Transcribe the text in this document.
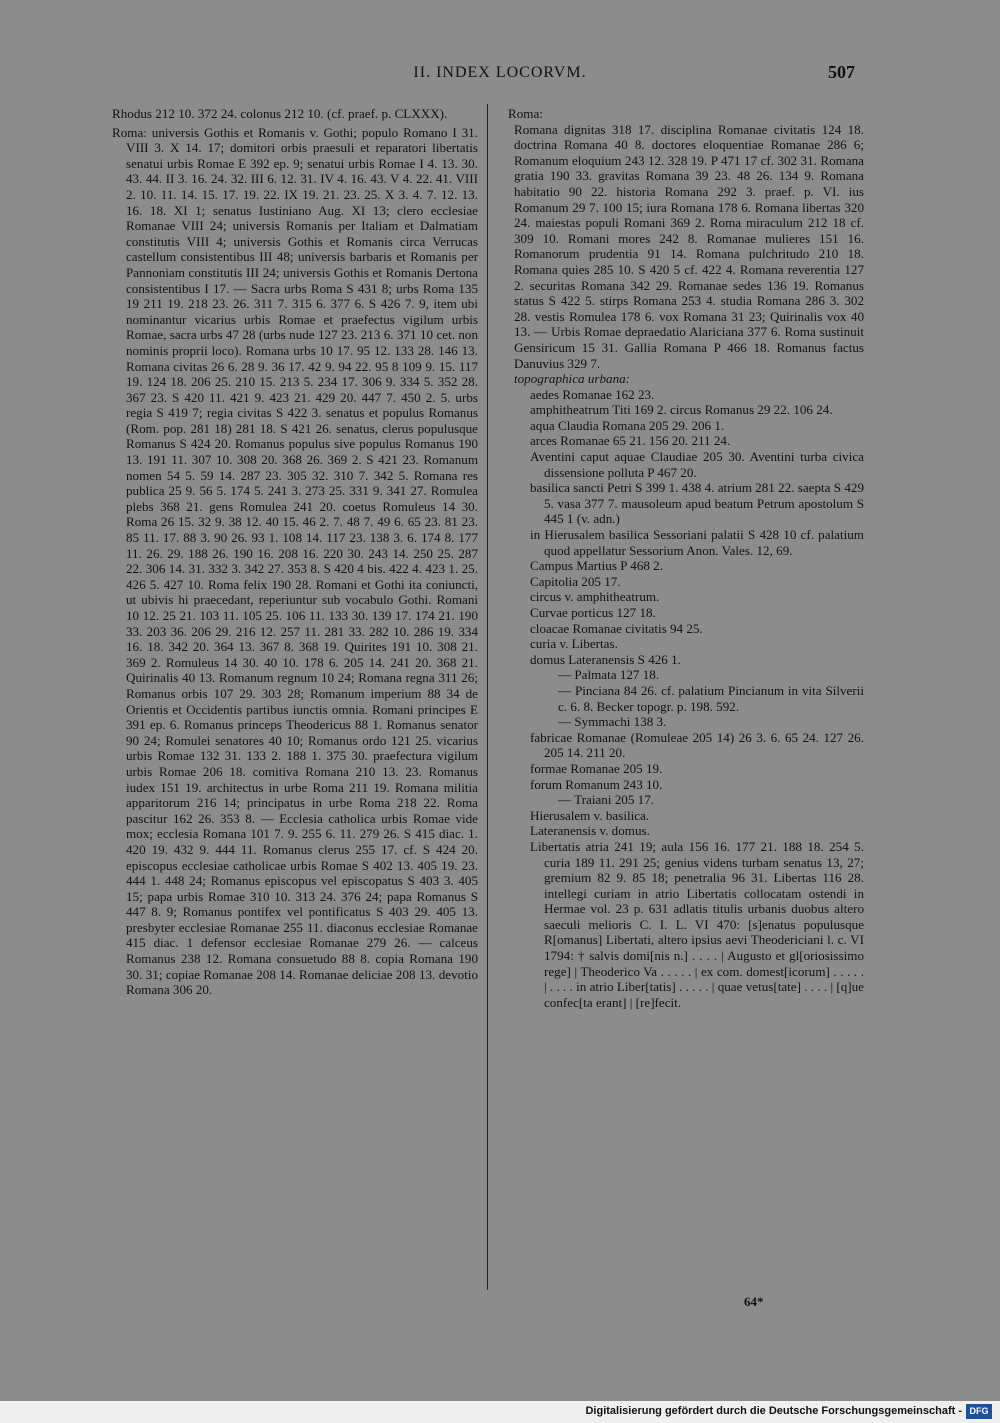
II. INDEX LOCORVM.	507

Rhodus 212 10. 372 24. colonus 212 10. (cf. praef. p. CLXXX).

Roma: universis Gothis et Romanis v. Gothi; populo Romano I 31. VIII 3. X 14. 17; domitori orbis praesuli et reparatori libertatis senatui urbis Romae E 392 ep. 9; senatui urbis Romae I 4. 13. 30. 43. 44. II 3. 16. 24. 32. III 6. 12. 31. IV 4. 16. 43. V 4. 22. 41. VIII 2. 10. 11. 14. 15. 17. 19. 22. IX 19. 21. 23. 25. X 3. 4. 7. 12. 13. 16. 18. XI 1; senatus Iustiniano Aug. XI 13; clero ecclesiae Romanae VIII 24; universis Romanis per Italiam et Dalmatiam constitutis VIII 4; universis Gothis et Romanis circa Verrucas castellum consistentibus III 48; universis barbaris et Romanis per Pannoniam constitutis III 24; universis Gothis et Romanis Dertona consistentibus I 17. — Sacra urbs Roma S 431 8; urbs Roma 135 19 211 19. 218 23. 26. 311 7. 315 6. 377 6. S 426 7. 9, item ubi nominantur vicarius urbis Romae et praefectus vigilum urbis Romae, sacra urbs 47 28 (urbs nude 127 23. 213 6. 371 10 cet. non nominis proprii loco). Romana urbs 10 17. 95 12. 133 28. 146 13. Romana civitas 26 6. 28 9. 36 17. 42 9. 94 22. 95 8 109 9. 15. 117 19. 124 18. 206 25. 210 15. 213 5. 234 17. 306 9. 334 5. 352 28. 367 23. S 420 11. 421 9. 423 21. 429 20. 447 7. 450 2. 5. urbs regia S 419 7; regia civitas S 422 3. senatus et populus Romanus (Rom. pop. 281 18) 281 18. S 421 26. senatus, clerus populusque Romanus S 424 20. Romanus populus sive populus Romanus 190 13. 191 11. 307 10. 308 20. 368 26. 369 2. S 421 23. Romanum nomen 54 5. 59 14. 287 23. 305 32. 310 7. 342 5. Romana res publica 25 9. 56 5. 174 5. 241 3. 273 25. 331 9. 341 27. Romulea plebs 368 21. gens Romulea 241 20. coetus Romuleus 14 30. Roma 26 15. 32 9. 38 12. 40 15. 46 2. 7. 48 7. 49 6. 65 23. 81 23. 85 11. 17. 88 3. 90 26. 93 1. 108 14. 117 23. 138 3. 6. 174 8. 177 11. 26. 29. 188 26. 190 16. 208 16. 220 30. 243 14. 250 25. 287 22. 306 14. 31. 332 3. 342 27. 353 8. S 420 4 bis. 422 4. 423 1. 25. 426 5. 427 10. Roma felix 190 28. Romani et Gothi ita coniuncti, ut ubivis hi praecedant, reperiuntur sub vocabulo Gothi. Romani 10 12. 25 21. 103 11. 105 25. 106 11. 133 30. 139 17. 174 21. 190 33. 203 36. 206 29. 216 12. 257 11. 281 33. 282 10. 286 19. 334 16. 18. 342 20. 364 13. 367 8. 368 19. Quirites 191 10. 308 21. 369 2. Romuleus 14 30. 40 10. 178 6. 205 14. 241 20. 368 21. Quirinalis 40 13. Romanum regnum 10 24; Romana regna 311 26; Romanus orbis 107 29. 303 28; Romanum imperium 88 34 de Orientis et Occidentis partibus iunctis omnia. Romani principes E 391 ep. 6. Romanus princeps Theodericus 88 1. Romanus senator 90 24; Romulei senatores 40 10; Romanus ordo 121 25. vicarius urbis Romae 132 31. 133 2. 188 1. 375 30. praefectura vigilum urbis Romae 206 18. comitiva Romana 210 13. 23. Romanus iudex 151 19. architectus in urbe Roma 211 19. Romana militia apparitorum 216 14; principatus in urbe Roma 218 22. Roma pascitur 162 26. 353 8. — Ecclesia catholica urbis Romae vide mox; ecclesia Romana 101 7. 9. 255 6. 11. 279 26. S 415 diac. 1. 420 19. 432 9. 444 11. Romanus clerus 255 17. cf. S 424 20. episcopus ecclesiae catholicae urbis Romae S 402 13. 405 19. 23. 444 1. 448 24; Romanus episcopus vel episcopatus S 403 3. 405 15; papa urbis Romae 310 10. 313 24. 376 24; papa Romanus S 447 8. 9; Romanus pontifex vel pontificatus S 403 29. 405 13. presbyter ecclesiae Romanae 255 11. diaconus ecclesiae Romanae 415 diac. 1 defensor ecclesiae Romanae 279 26. — calceus Romanus 238 12. Romana consuetudo 88 8. copia Romana 190 30. 31; copiae Romanae 208 14. Romanae deliciae 208 13. devotio Romana 306 20.

Roma:

Romana dignitas 318 17. disciplina Romanae civitatis 124 18. doctrina Romana 40 8. doctores eloquentiae Romanae 286 6; Romanum eloquium 243 12. 328 19. P 471 17 cf. 302 31. Romana gratia 190 33. gravitas Romana 39 23. 48 26. 134 9. Romana habitatio 90 22. historia Romana 292 3. praef. p. VI. ius Romanum 29 7. 100 15; iura Romana 178 6. Romana libertas 320 24. maiestas populi Romani 369 2. Roma miraculum 212 18 cf. 309 10. Romani mores 242 8. Romanae mulieres 151 16. Romanorum prudentia 91 14. Romana pulchritudo 210 18. Romana quies 285 10. S 420 5 cf. 422 4. Romana reverentia 127 2. securitas Romana 342 29. Romanae sedes 136 19. Romanus status S 422 5. stirps Romana 253 4. studia Romana 286 3. 302 28. vestis Romulea 178 6. vox Romana 31 23; Quirinalis vox 40 13. — Urbis Romae depraedatio Alariciana 377 6. Roma sustinuit Gensiricum 15 31. Gallia Romana P 466 18. Romanus factus Danuvius 329 7.

topographica urbana:

aedes Romanae 162 23.

amphitheatrum Titi 169 2. circus Romanus 29 22. 106 24.

aqua Claudia Romana 205 29. 206 1.

arces Romanae 65 21. 156 20. 211 24.

Aventini caput aquae Claudiae 205 30. Aventini turba civica dissensione polluta P 467 20.

basilica sancti Petri S 399 1. 438 4. atrium 281 22. saepta S 429 5. vasa 377 7. mausoleum apud beatum Petrum apostolum S 445 1 (v. adn.)

in Hierusalem basilica Sessoriani palatii S 428 10 cf. palatium quod appellatur Sessorium Anon. Vales. 12, 69.

Campus Martius P 468 2.

Capitolia 205 17.

circus v. amphitheatrum.

Curvae porticus 127 18.

cloacae Romanae civitatis 94 25.

curia v. Libertas.

domus Lateranensis S 426 1.

— Palmata 127 18.

— Pinciana 84 26. cf. palatium Pincianum in vita Silverii c. 6. 8. Becker topogr. p. 198. 592.

— Symmachi 138 3.

fabricae Romanae (Romuleae 205 14) 26 3. 6. 65 24. 127 26. 205 14. 211 20.

formae Romanae 205 19.

forum Romanum 243 10.

— Traiani 205 17.

Hierusalem v. basilica.

Lateranensis v. domus.

Libertatis atria 241 19; aula 156 16. 177 21. 188 18. 254 5. curia 189 11. 291 25; genius videns turbam senatus 13, 27; gremium 82 9. 85 18; penetralia 96 31. Libertas 116 28. intellegi curiam in atrio Libertatis collocatam ostendi in Hermae vol. 23 p. 631 adlatis titulis urbanis duobus altero saeculi melioris C. I. L. VI 470: [s]enatus populusque R[omanus] Libertati, altero ipsius aevi Theodericiani l. c. VI 1794: † salvis domi[nis n.] . . . . | Augusto et gl[oriosissimo rege] | Theoderico Va . . . . . | ex com. domest[icorum] . . . . . | . . . . in atrio Liber[tatis] . . . . . | quae vetus[tate] . . . . | [q]ue confec[ta erant] | [re]fecit.

64*
Digitalisierung gefördert durch die Deutsche Forschungsgemeinschaft - DFG
